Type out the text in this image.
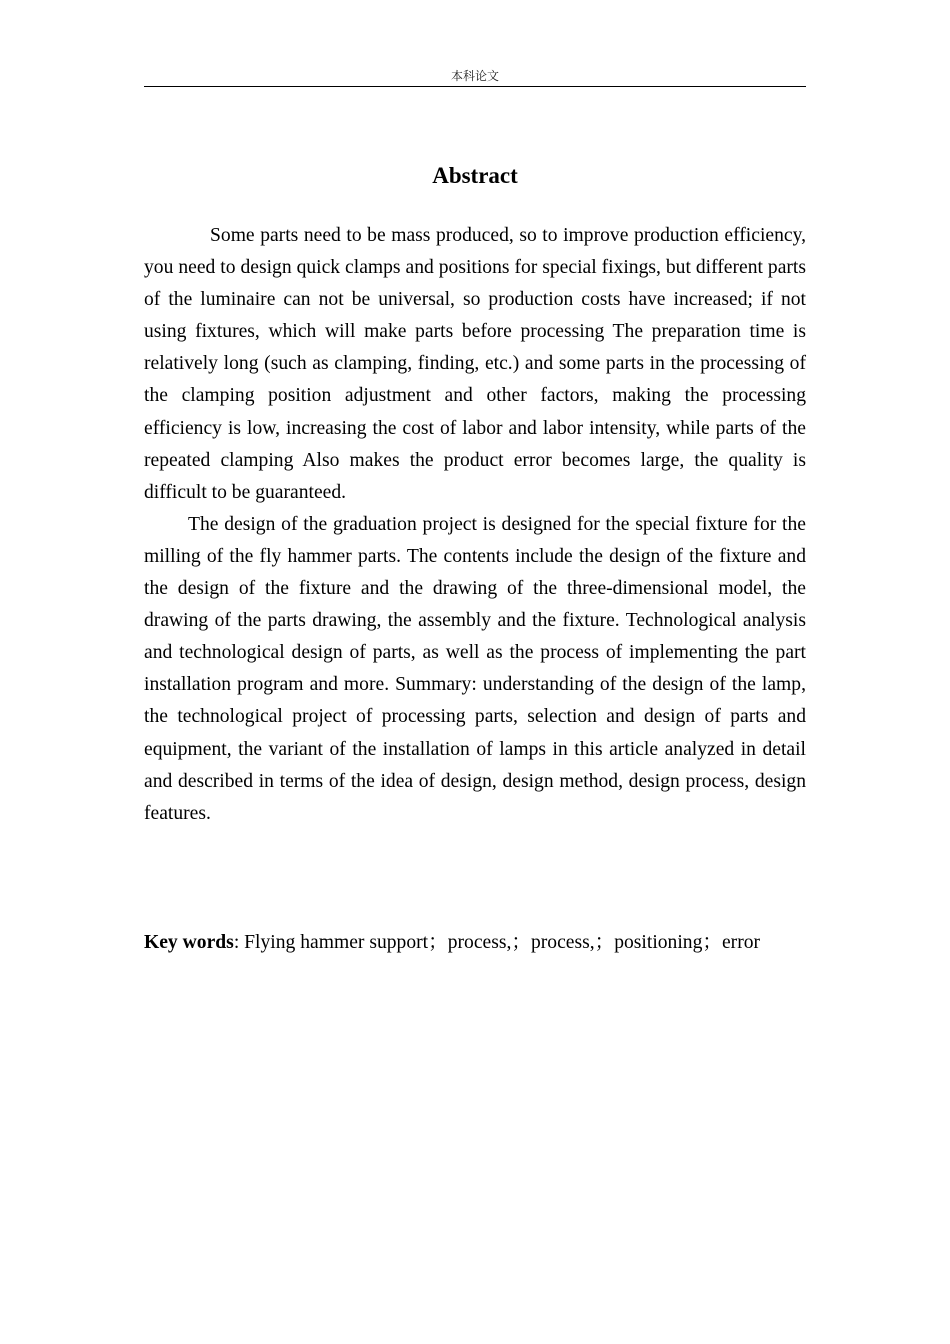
本科论文
Abstract

Some parts need to be mass produced, so to improve production efficiency, you need to design quick clamps and positions for special fixings, but different parts of the luminaire can not be universal, so production costs have increased; if not using fixtures, which will make parts before processing The preparation time is relatively long (such as clamping, finding, etc.) and some parts in the processing of the clamping position adjustment and other factors, making the processing efficiency is low, increasing the cost of labor and labor intensity, while parts of the repeated clamping Also makes the product error becomes large, the quality is difficult to be guaranteed.

The design of the graduation project is designed for the special fixture for the milling of the fly hammer parts. The contents include the design of the fixture and the design of the fixture and the drawing of the three-dimensional model, the drawing of the parts drawing, the assembly and the fixture. Technological analysis and technological design of parts, as well as the process of implementing the part installation program and more. Summary: understanding of the design of the lamp, the technological project of processing parts, selection and design of parts and equipment, the variant of the installation of lamps in this article analyzed in detail and described in terms of the idea of design, design method, design process, design features.

Key words: Flying hammer support；process,；process,；positioning；error
